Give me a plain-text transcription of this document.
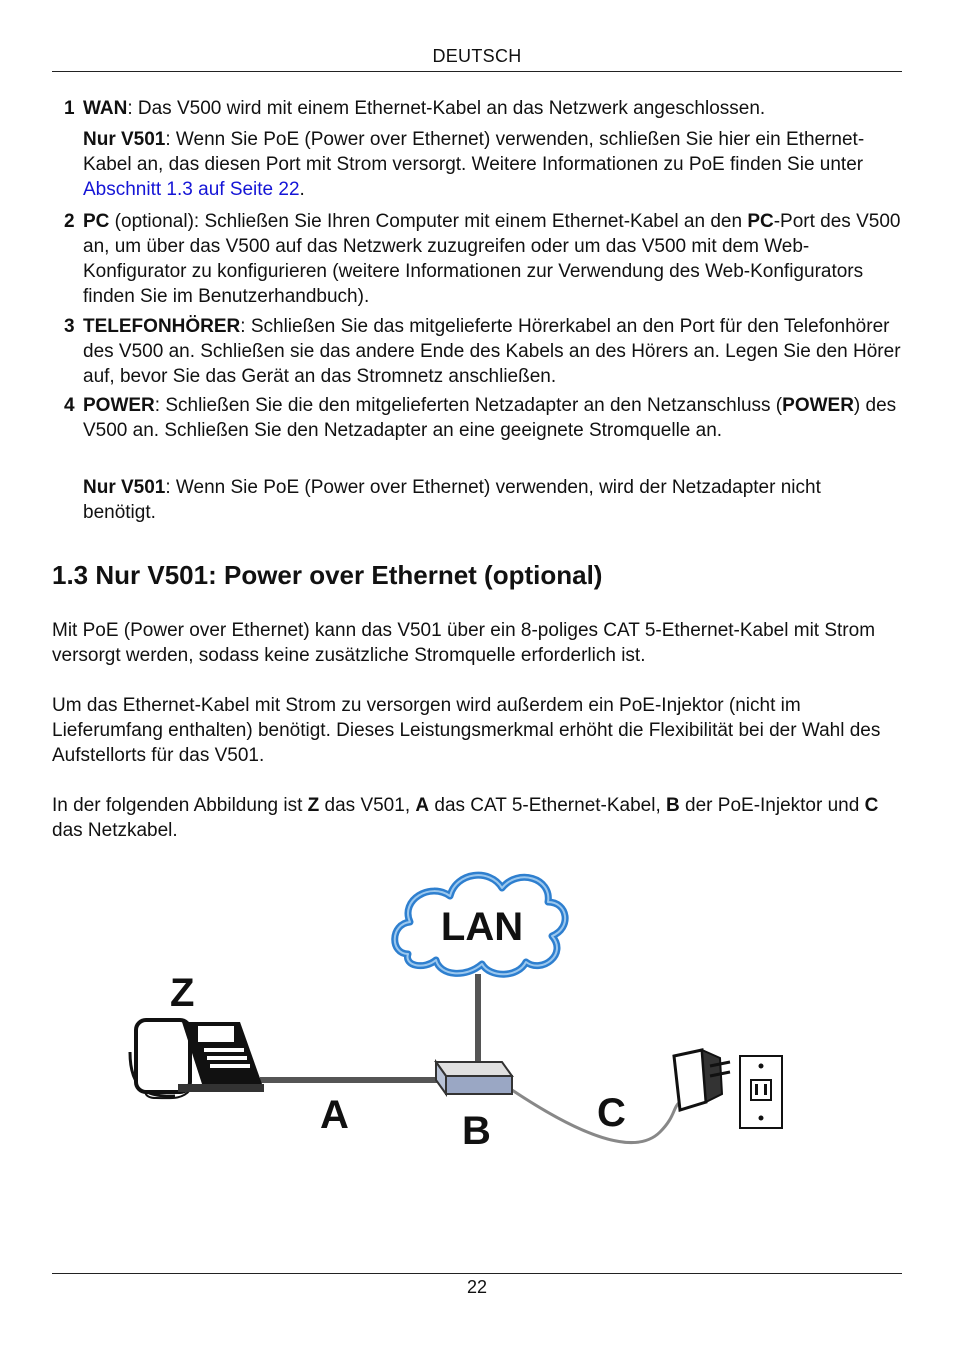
DEUTSCH
1 WAN: Das V500 wird mit einem Ethernet-Kabel an das Netzwerk angeschlossen.
Nur V501: Wenn Sie PoE (Power over Ethernet) verwenden, schließen Sie hier ein Ethernet-Kabel an, das diesen Port mit Strom versorgt. Weitere Informationen zu PoE finden Sie unter Abschnitt 1.3 auf Seite 22.
2 PC (optional): Schließen Sie Ihren Computer mit einem Ethernet-Kabel an den PC-Port des V500 an, um über das V500 auf das Netzwerk zuzugreifen oder um das V500 mit dem Web-Konfigurator zu konfigurieren (weitere Informationen zur Verwendung des Web-Konfigurators finden Sie im Benutzerhandbuch).
3 TELEFONHÖRER: Schließen Sie das mitgelieferte Hörerkabel an den Port für den Telefonhörer des V500 an. Schließen sie das andere Ende des Kabels an des Hörers an. Legen Sie den Hörer auf, bevor Sie das Gerät an das Stromnetz anschließen.
4 POWER: Schließen Sie die den mitgelieferten Netzadapter an den Netzanschluss (POWER) des V500 an. Schließen Sie den Netzadapter an eine geeignete Stromquelle an.
Nur V501: Wenn Sie PoE (Power over Ethernet) verwenden, wird der Netzadapter nicht benötigt.
1.3 Nur V501: Power over Ethernet (optional)
Mit PoE (Power over Ethernet) kann das V501 über ein 8-poliges CAT 5-Ethernet-Kabel mit Strom versorgt werden, sodass keine zusätzliche Stromquelle erforderlich ist.
Um das Ethernet-Kabel mit Strom zu versorgen wird außerdem ein PoE-Injektor (nicht im Lieferumfang enthalten) benötigt. Dieses Leistungsmerkmal erhöht die Flexibilität bei der Wahl des Aufstellorts für das V501.
In der folgenden Abbildung ist Z das V501, A das CAT 5-Ethernet-Kabel, B der PoE-Injektor und C das Netzkabel.
LAN
Z
A	B	C
22
